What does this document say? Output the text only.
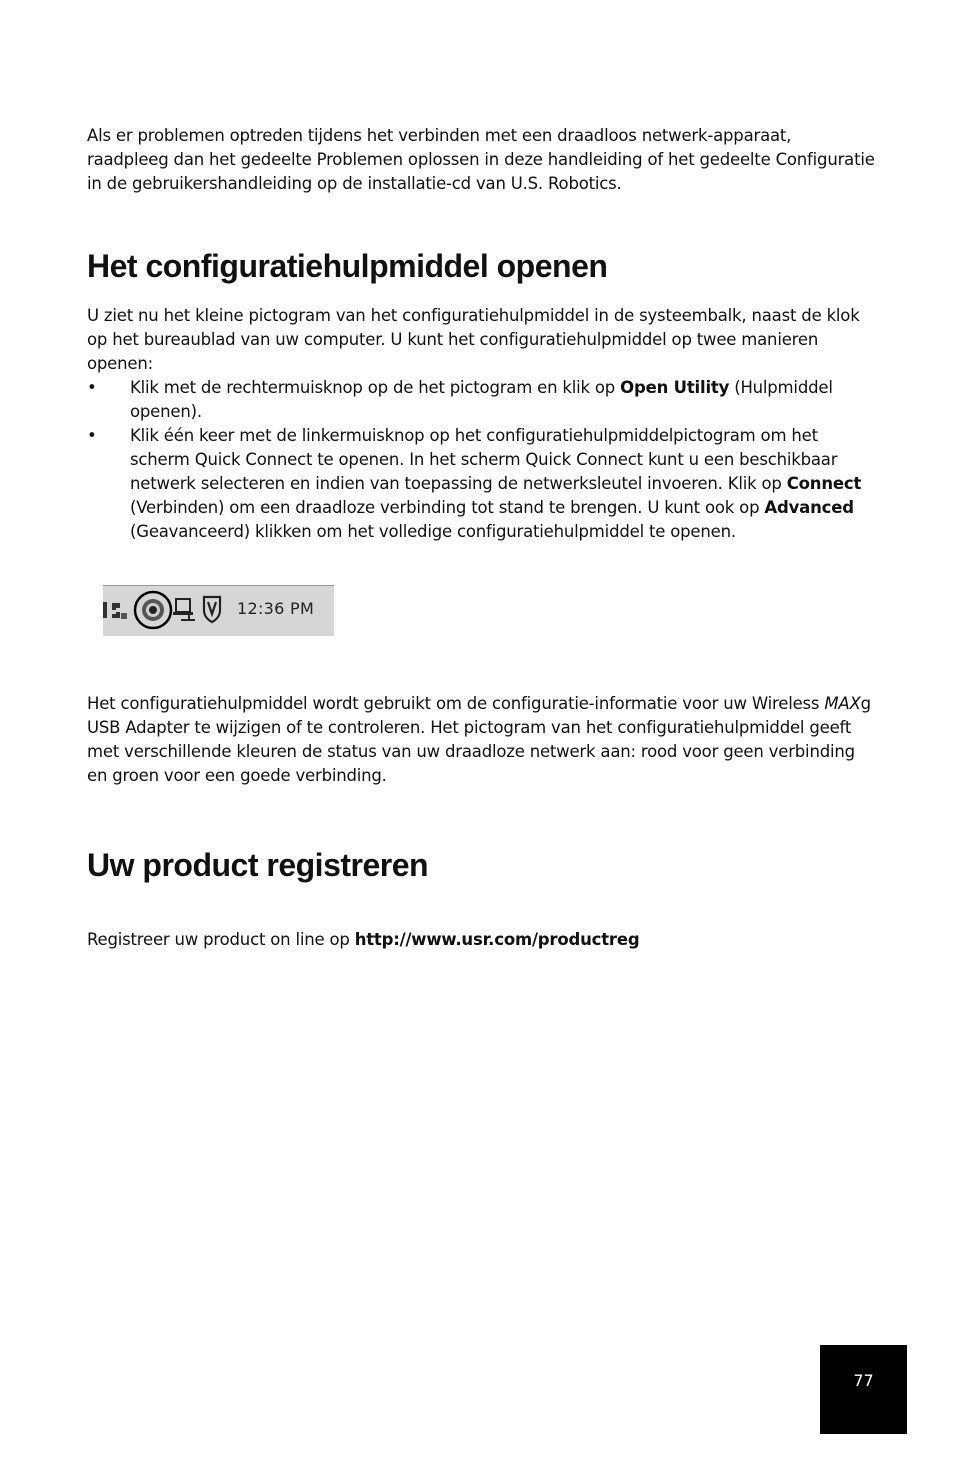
Als er problemen optreden tijdens het verbinden met een draadloos netwerk-apparaat, raadpleeg dan het gedeelte Problemen oplossen in deze handleiding of het gedeelte Configuratie in de gebruikershandleiding op de installatie-cd van U.S. Robotics.

Het configuratiehulpmiddel openen

U ziet nu het kleine pictogram van het configuratiehulpmiddel in de systeembalk, naast de klok op het bureaublad van uw computer. U kunt het configuratiehulpmiddel op twee manieren openen:

• Klik met de rechtermuisknop op de het pictogram en klik op Open Utility (Hulpmiddel openen).
• Klik één keer met de linkermuisknop op het configuratiehulpmiddelpictogram om het scherm Quick Connect te openen. In het scherm Quick Connect kunt u een beschikbaar netwerk selecteren en indien van toepassing de netwerksleutel invoeren. Klik op Connect (Verbinden) om een draadloze verbinding tot stand te brengen. U kunt ook op Advanced (Geavanceerd) klikken om het volledige configuratiehulpmiddel te openen.
12:36 PM

Het configuratiehulpmiddel wordt gebruikt om de configuratie-informatie voor uw Wireless MAXg USB Adapter te wijzigen of te controleren. Het pictogram van het configuratiehulpmiddel geeft met verschillende kleuren de status van uw draadloze netwerk aan: rood voor geen verbinding en groen voor een goede verbinding.

Uw product registreren

Registreer uw product on line op http://www.usr.com/productreg

77
